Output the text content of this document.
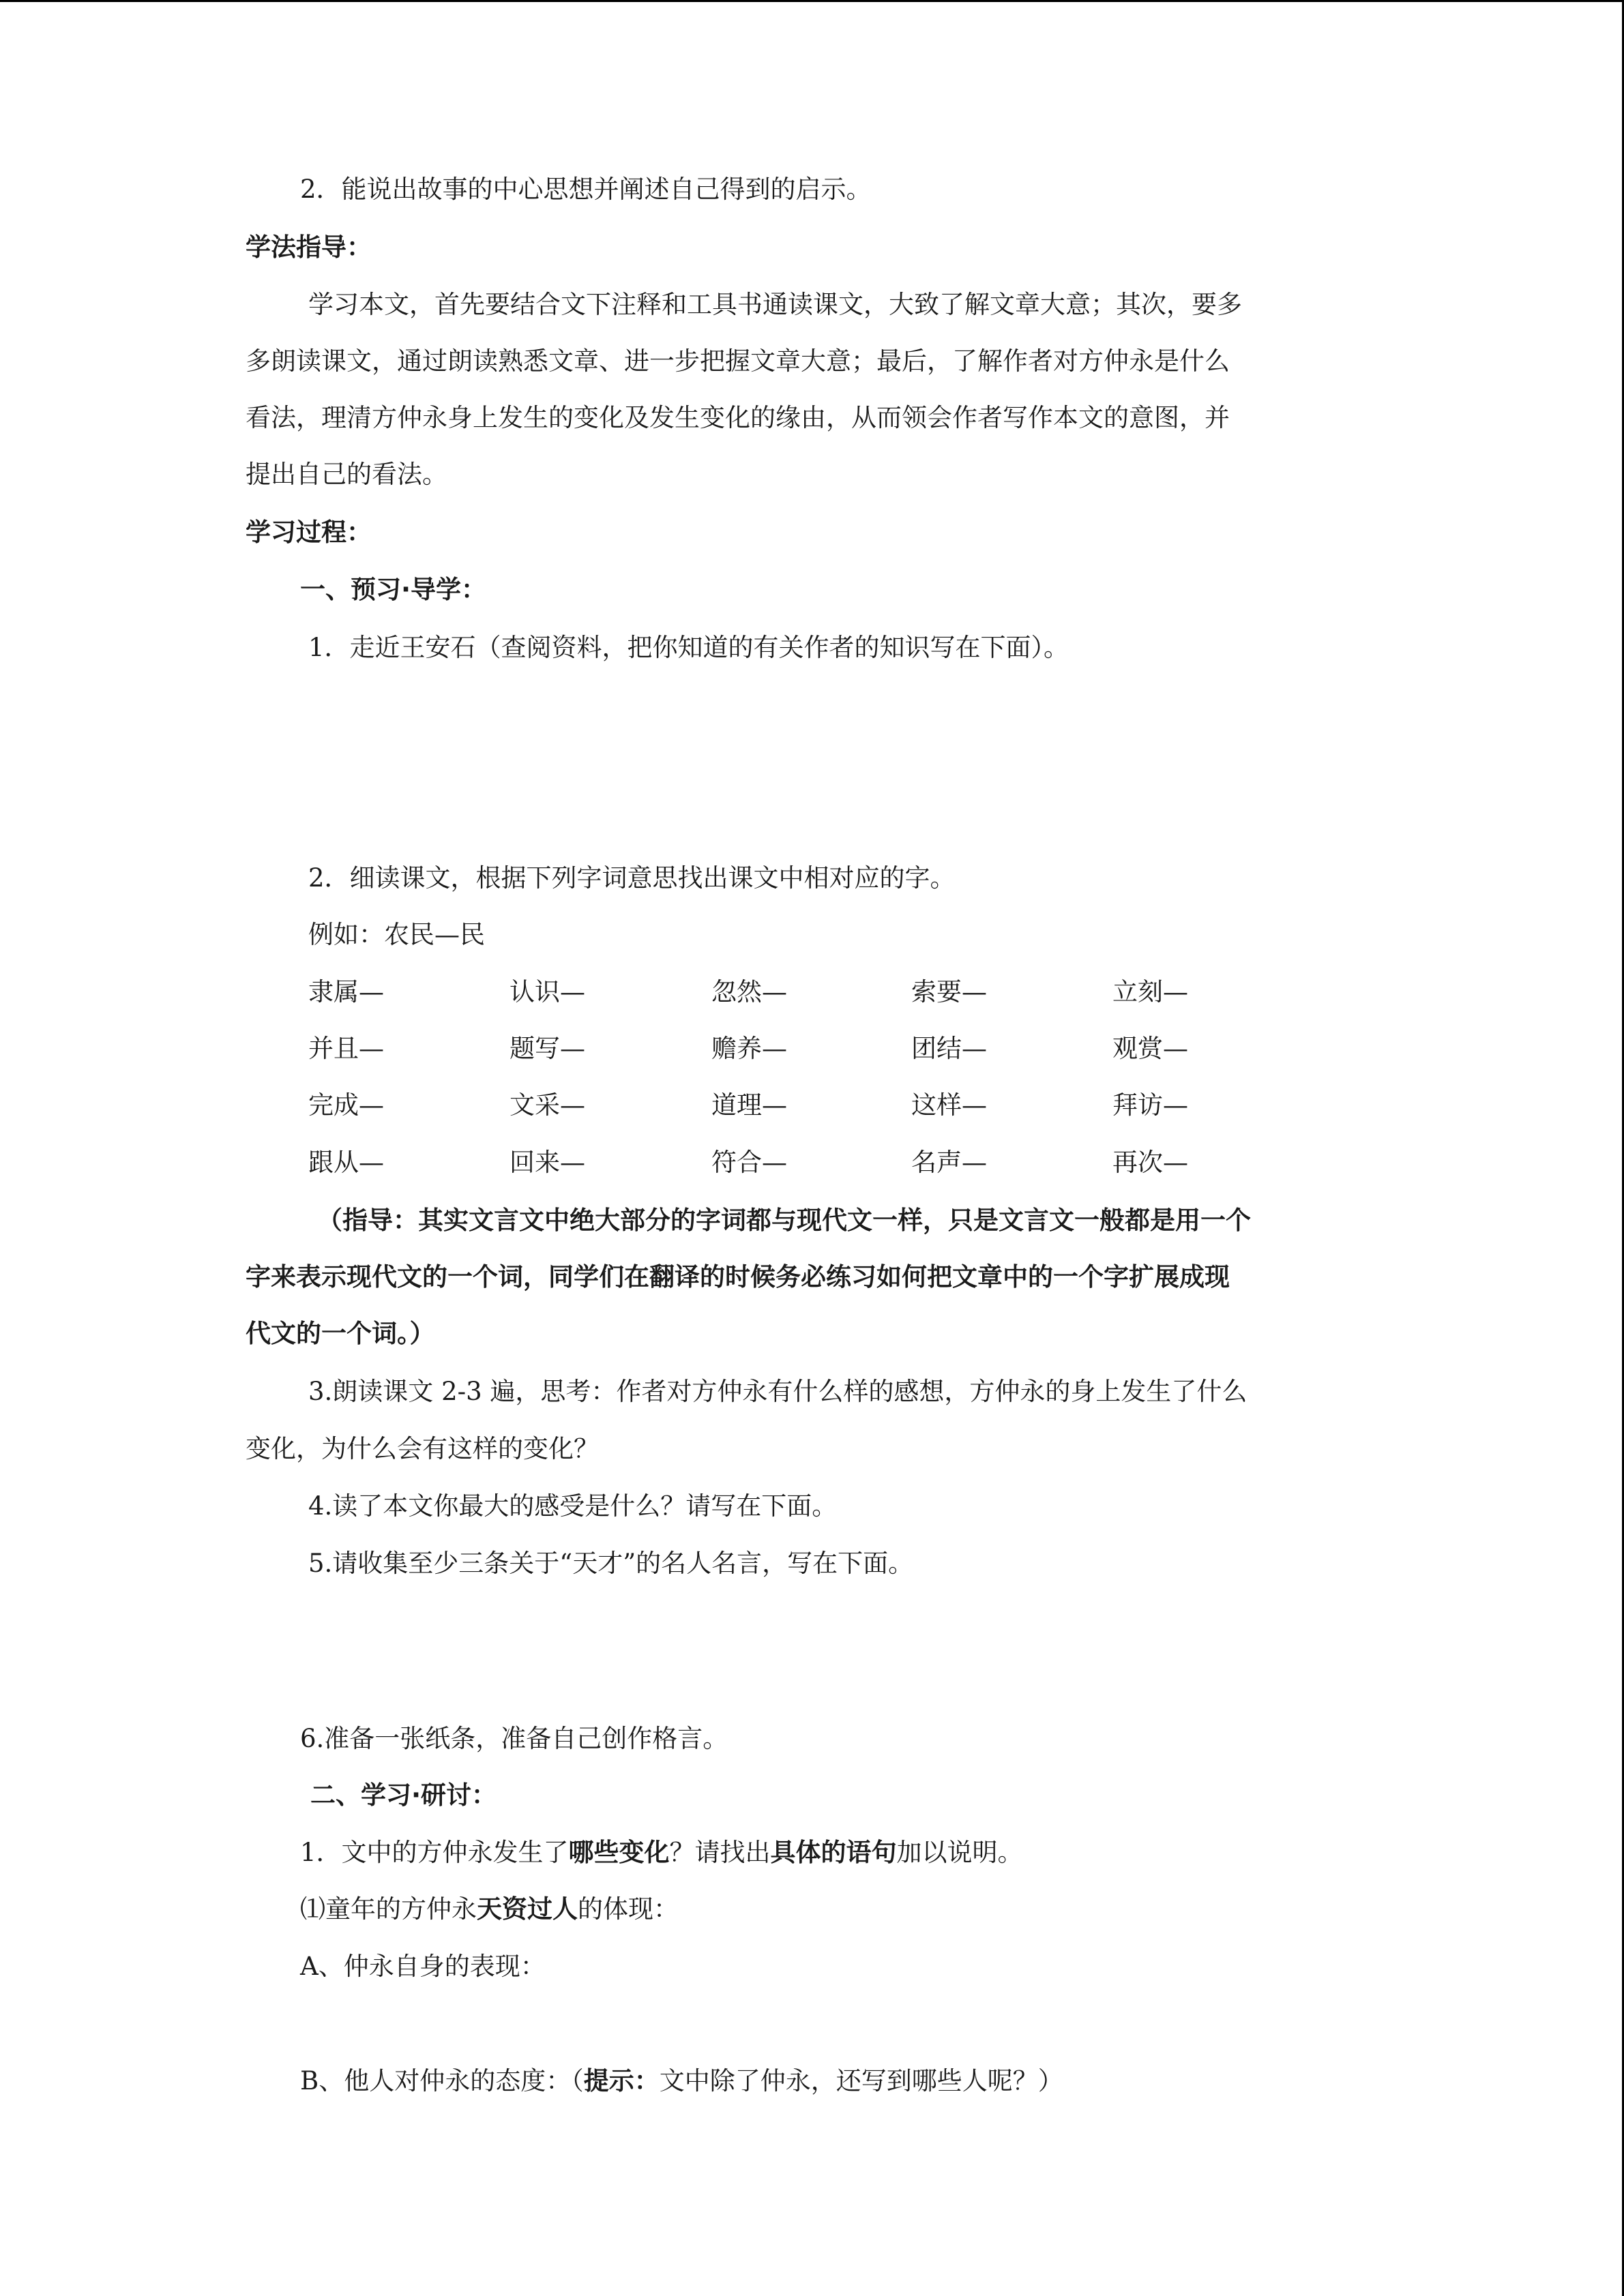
2．能说出故事的中心思想并阐述自己得到的启示。
学法指导：
学习本文，首先要结合文下注释和工具书通读课文，大致了解文章大意；其次，要多
多朗读课文，通过朗读熟悉文章、进一步把握文章大意；最后，了解作者对方仲永是什么
看法，理清方仲永身上发生的变化及发生变化的缘由，从而领会作者写作本文的意图，并
提出自己的看法。
学习过程：
一、预习·导学：
1．走近王安石（查阅资料，把你知道的有关作者的知识写在下面）。
2．细读课文，根据下列字词意思找出课文中相对应的字。
例如：农民—民
隶属—	认识—	忽然—	索要—	立刻—
并且—	题写—	赡养—	团结—	观赏—
完成—	文采—	道理—	这样—	拜访—
跟从—	回来—	符合—	名声—	再次—
（指导：其实文言文中绝大部分的字词都与现代文一样，只是文言文一般都是用一个
字来表示现代文的一个词，同学们在翻译的时候务必练习如何把文章中的一个字扩展成现
代文的一个词。）
3.朗读课文 2-3 遍，思考：作者对方仲永有什么样的感想，方仲永的身上发生了什么
变化，为什么会有这样的变化？
4.读了本文你最大的感受是什么？请写在下面。
5.请收集至少三条关于“天才”的名人名言，写在下面。
6.准备一张纸条，准备自己创作格言。
二、学习·研讨：
1．文中的方仲永发生了哪些变化？请找出具体的语句加以说明。
⑴童年的方仲永天资过人的体现：
A、仲永自身的表现：
B、他人对仲永的态度：（提示：文中除了仲永，还写到哪些人呢？）
